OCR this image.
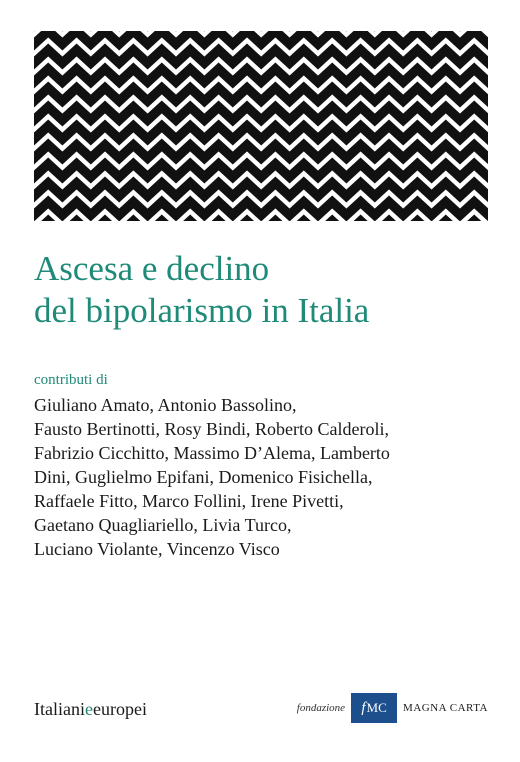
Ascesa e declino
del bipolarismo in Italia
contributi di
Giuliano Amato, Antonio Bassolino,
Fausto Bertinotti, Rosy Bindi, Roberto Calderoli,
Fabrizio Cicchitto, Massimo D’Alema, Lamberto
Dini, Guglielmo Epifani, Domenico Fisichella,
Raffaele Fitto, Marco Follini, Irene Pivetti,
Gaetano Quagliariello, Livia Turco,
Luciano Violante, Vincenzo Visco
Italianieeuropei	fondazione f MC MAGNA CARTA
